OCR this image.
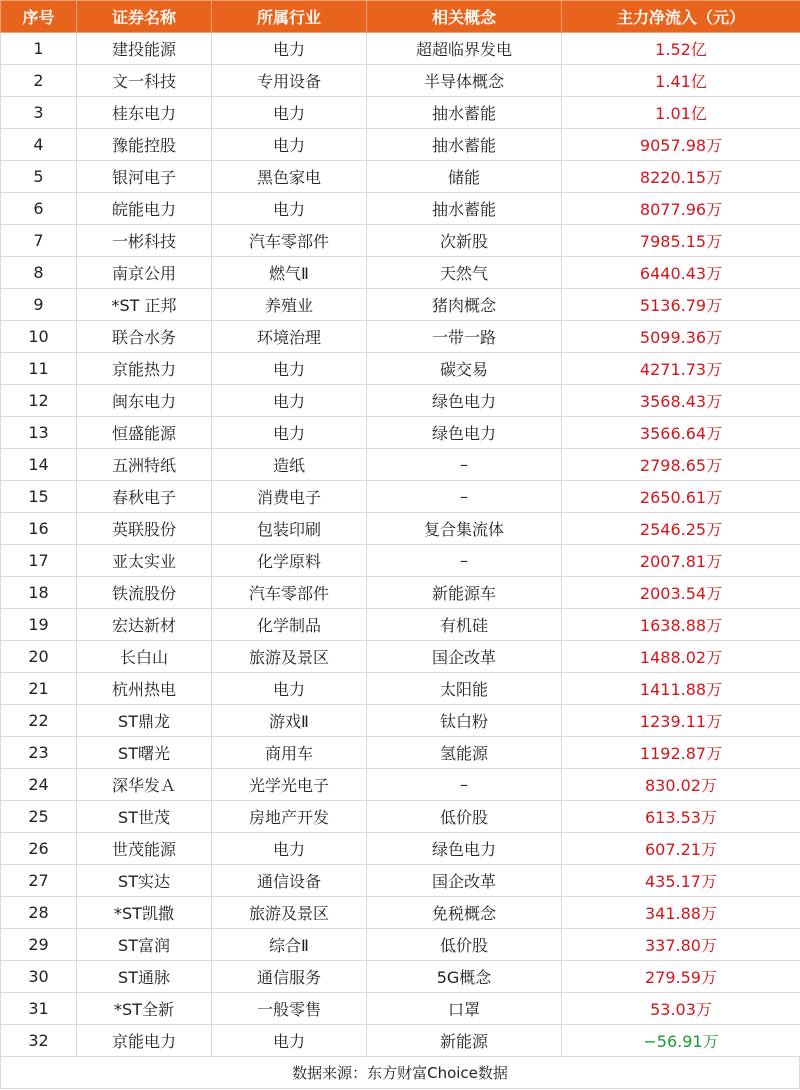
序号	证券名称	所属行业	相关概念	主力净流入（元）
1	建投能源	电力	超超临界发电	1.52亿
2	文一科技	专用设备	半导体概念	1.41亿
3	桂东电力	电力	抽水蓄能	1.01亿
4	豫能控股	电力	抽水蓄能	9057.98万
5	银河电子	黑色家电	储能	8220.15万
6	皖能电力	电力	抽水蓄能	8077.96万
7	一彬科技	汽车零部件	次新股	7985.15万
8	南京公用	燃气Ⅱ	天然气	6440.43万
9	*ST 正邦	养殖业	猪肉概念	5136.79万
10	联合水务	环境治理	一带一路	5099.36万
11	京能热力	电力	碳交易	4271.73万
12	闽东电力	电力	绿色电力	3568.43万
13	恒盛能源	电力	绿色电力	3566.64万
14	五洲特纸	造纸	–	2798.65万
15	春秋电子	消费电子	–	2650.61万
16	英联股份	包装印刷	复合集流体	2546.25万
17	亚太实业	化学原料	–	2007.81万
18	铁流股份	汽车零部件	新能源车	2003.54万
19	宏达新材	化学制品	有机硅	1638.88万
20	长白山	旅游及景区	国企改革	1488.02万
21	杭州热电	电力	太阳能	1411.88万
22	ST鼎龙	游戏Ⅱ	钛白粉	1239.11万
23	ST曙光	商用车	氢能源	1192.87万
24	深华发Ａ	光学光电子	–	830.02万
25	ST世茂	房地产开发	低价股	613.53万
26	世茂能源	电力	绿色电力	607.21万
27	ST实达	通信设备	国企改革	435.17万
28	*ST凯撒	旅游及景区	免税概念	341.88万
29	ST富润	综合Ⅱ	低价股	337.80万
30	ST通脉	通信服务	5G概念	279.59万
31	*ST全新	一般零售	口罩	53.03万
32	京能电力	电力	新能源	−56.91万
数据来源：东方财富Choice数据
